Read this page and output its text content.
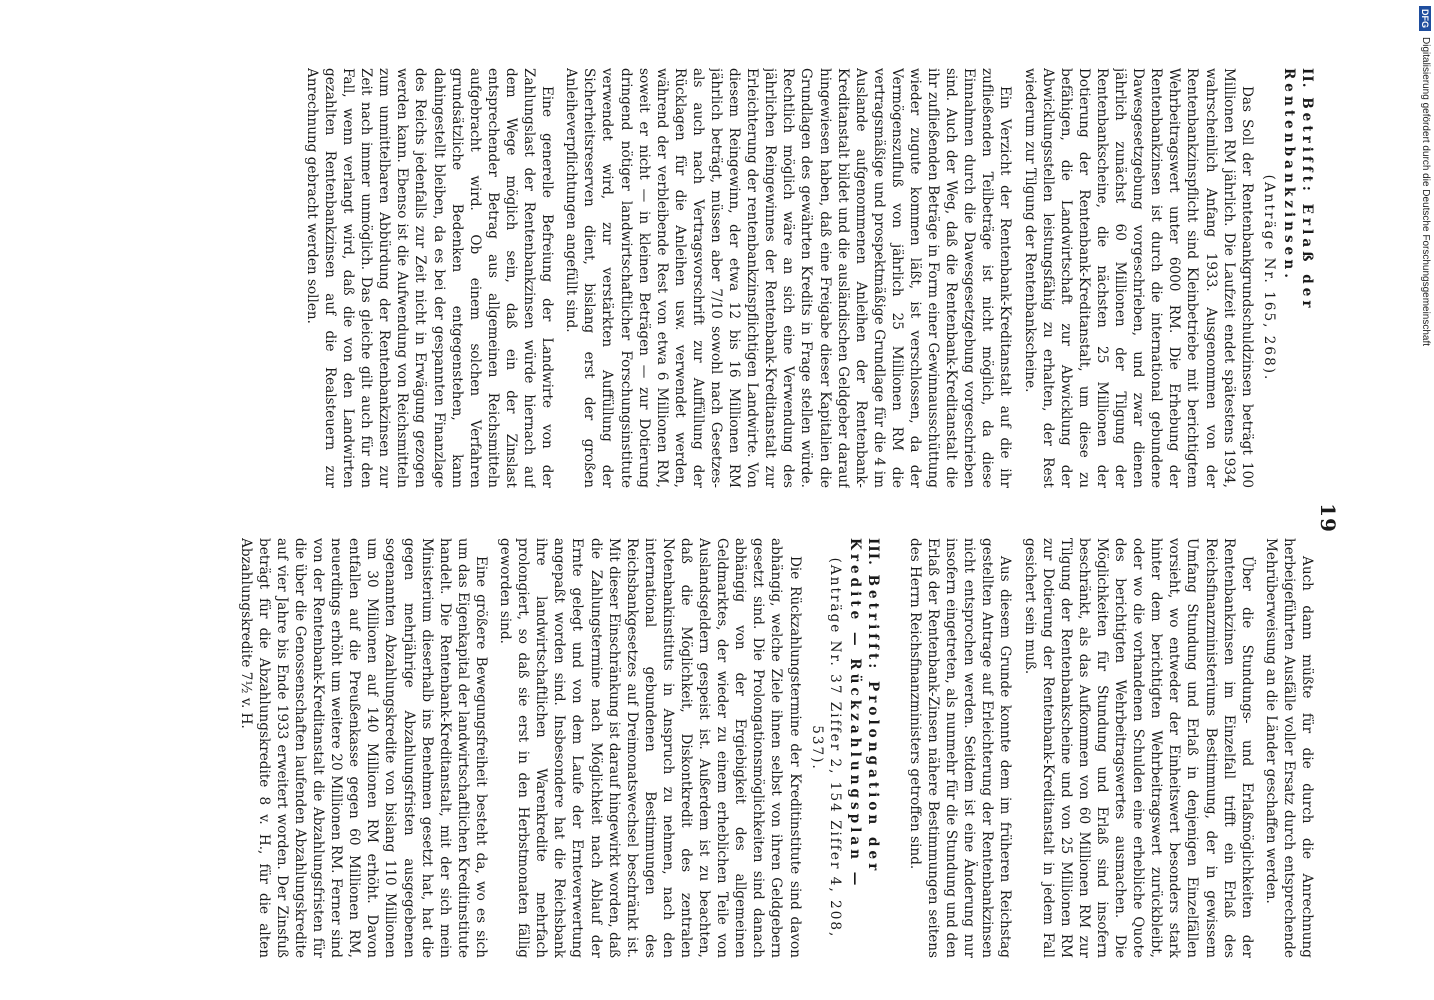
19
II. Betrifft: Erlaß der Rentenbankzinsen.
(Anträge Nr. 165, 268).

Das Soll der Rentenbankgrundschuldzinsen beträgt 100 Millionen RM jährlich. Die Laufzeit endet spätestens 1934, wahrscheinlich Anfang 1933. Ausgenommen von der Rentenbankzinspflicht sind Kleinbetriebe mit berichtigtem Wehrbeitragswert unter 6000 RM. Die Erhebung der Rentenbankzinsen ist durch die international gebundene Dawesgesetzgebung vorgeschrieben, und zwar dienen jährlich zunächst 60 Millionen der Tilgung der Rentenbankscheine, die nächsten 25 Millionen der Dotierung der Rentenbank-Kreditanstalt, um diese zu befähigen, die Landwirtschaft zur Abwicklung der Abwicklungsstellen leistungsfähig zu erhalten, der Rest wiederum zur Tilgung der Rentenbankscheine.

Ein Verzicht der Rentenbank-Kreditanstalt auf die ihr zufließenden Teilbeträge ist nicht möglich, da diese Einnahmen durch die Dawesgesetzgebung vorgeschrieben sind. Auch der Weg, daß die Rentenbank-Kreditanstalt die ihr zufließenden Beträge in Form einer Gewinnausschüttung wieder zugute kommen läßt, ist verschlossen, da der Vermögenszufluß von jährlich 25 Millionen RM die vertragsmäßige und prospektmäßige Grundlage für die 4 im Auslande aufgenommenen Anleihen der Rentenbank-Kreditanstalt bildet und die ausländischen Geldgeber darauf hingewiesen haben, daß eine Freigabe dieser Kapitalien die Grundlagen des gewährten Kredits in Frage stellen würde. Rechtlich möglich wäre an sich eine Verwendung des jährlichen Reingewinnes der Rentenbank-Kreditanstalt zur Erleichterung der rentenbankzinspflichtigen Landwirte. Von diesem Reingewinn, der etwa 12 bis 16 Millionen RM jährlich beträgt, müssen aber 7/10 sowohl nach Gesetzes- als auch nach Vertragsvorschrift zur Auffüllung der Rücklagen für die Anleihen usw. verwendet werden, während der verbleibende Rest von etwa 6 Millionen RM, soweit er nicht — in kleinen Beträgen — zur Dotierung dringend nötiger landwirtschaftlicher Forschungsinstitute verwendet wird, zur verstärkten Auffüllung der Sicherheitsreserven dient, bislang erst der großen Anleiheverpflichtungen angefüllt sind.

Eine generelle Befreiung der Landwirte von der Zahlungslast der Rentenbankzinsen würde hiernach auf dem Wege möglich sein, daß ein der Zinslast entsprechender Betrag aus allgemeinen Reichsmitteln aufgebracht wird. Ob einem solchen Verfahren grundsätzliche Bedenken entgegenstehen, kann dahingestellt bleiben, da es bei der gespannten Finanzlage des Reichs jedenfalls zur Zeit nicht in Erwägung gezogen werden kann. Ebenso ist die Aufwendung von Reichsmitteln zum unmittelbaren Abbürdung der Rentenbankzinsen zur Zeit nach immer unmöglich. Das gleiche gilt auch für den Fall, wenn verlangt wird, daß die von den Landwirten gezahlten Rentenbankzinsen auf die Realsteuern zur Anrechnung gebracht werden sollen.

Auch dann müßte für die durch die Anrechnung herbeigeführten Ausfälle voller Ersatz durch entsprechende Mehrüberweisung an die Länder geschaffen werden.

Über die Stundungs- und Erlaßmöglichkeiten der Rentenbankzinsen im Einzelfall trifft ein Erlaß des Reichsfinanzministeriums Bestimmung, der in gewissem Umfang Stundung und Erlaß in denjenigen Einzelfällen vorsieht, wo entweder der Einheitswert besonders stark hinter dem berichtigten Wehrbeitragswert zurückbleibt, oder wo die vorhandenen Schulden eine erhebliche Quote des berichtigten Wehrbeitragswertes ausmachen. Die Möglichkeiten für Stundung und Erlaß sind insofern beschränkt, als das Aufkommen von 60 Millionen RM zur Tilgung der Rentenbankscheine und von 25 Millionen RM zur Dotierung der Rentenbank-Kreditanstalt in jedem Fall gesichert sein muß.

Aus diesem Grunde konnte dem im früheren Reichstag gestellten Antrage auf Erleichterung der Rentenbankzinsen nicht entsprochen werden. Seitdem ist eine Änderung nur insofern eingetreten, als nunmehr für die Stundung und den Erlaß der Rentenbank-Zinsen nähere Bestimmungen seitens des Herrn Reichsfinanzministers getroffen sind.

III. Betrifft: Prolongation der Kredite — Rückzahlungsplan —
(Anträge Nr. 37 Ziffer 2, 154 Ziffer 4, 208, 537).

Die Rückzahlungstermine der Kreditinstitute sind davon abhängig, welche Ziele ihnen selbst von ihren Geldgebern gesetzt sind. Die Prolongationsmöglichkeiten sind danach abhängig von der Ergiebigkeit des allgemeinen Geldmarktes, der wieder zu einem erheblichen Teile von Auslandsgeldern gespeist ist. Außerdem ist zu beachten, daß die Möglichkeit, Diskontkredit des zentralen Notenbankinstituts in Anspruch zu nehmen, nach den international gebundenen Bestimmungen des Reichsbankgesetzes auf Dreimonatswechsel beschränkt ist. Mit dieser Einschränkung ist darauf hingewirkt worden, daß die Zahlungstermine nach Möglichkeit nach Ablauf der Ernte gelegt und von dem Laufe der Ernteverwertung angepaßt worden sind. Insbesondere hat die Reichsbank ihre landwirtschaftlichen Warenkredite mehrfach prolongiert, so daß sie erst in den Herbstmonaten fällig geworden sind.

Eine größere Bewegungsfreiheit besteht da, wo es sich um das Eigenkapital der landwirtschaftlichen Kreditinstitute handelt. Die Rentenbank-Kreditanstalt, mit der sich mein Ministerium dieserhalb ins Benehmen gesetzt hat, hat die gegen mehrjährige Abzahlungsfristen ausgegebenen sogenannten Abzahlungskredite von bislang 110 Millionen um 30 Millionen auf 140 Millionen RM erhöht. Davon entfallen auf die Preußenkasse gegen 60 Millionen RM, neuerdings erhöht um weitere 20 Millionen RM. Ferner sind von der Rentenbank-Kreditanstalt die Abzahlungsfristen für die über die Genossenschaften laufenden Abzahlungskredite auf vier Jahre bis Ende 1933 erweitert worden. Der Zinsfuß beträgt für die Abzahlungskredite 8 v. H., für die alten Abzahlungskredite 7½ v. H.

DFG
Digitalisierung gefördert durch die Deutsche Forschungsgemeinschaft
